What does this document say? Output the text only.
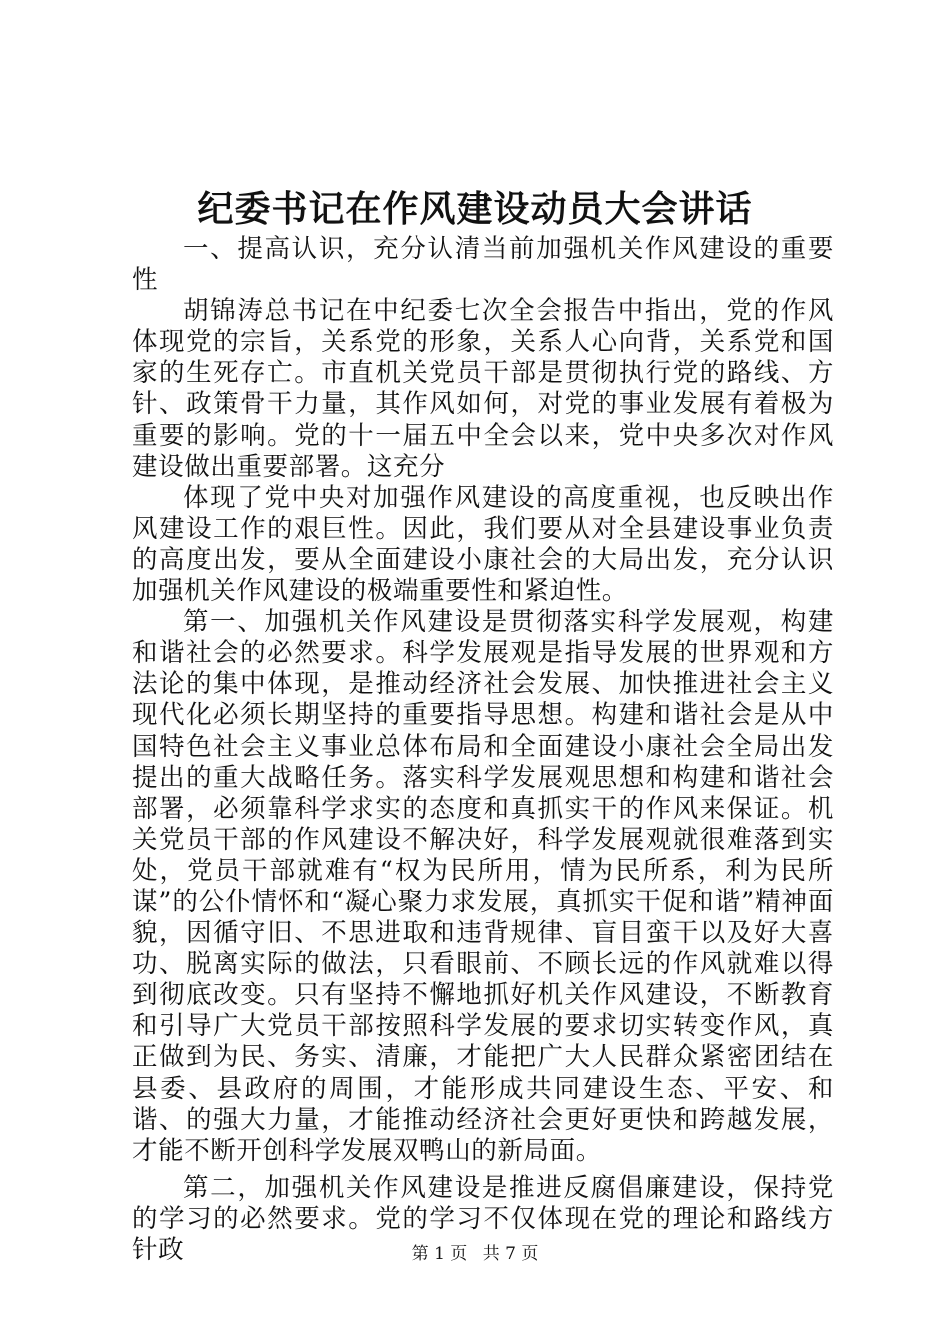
纪委书记在作风建设动员大会讲话

一、提高认识，充分认清当前加强机关作风建设的重要性

胡锦涛总书记在中纪委七次全会报告中指出，党的作风体现党的宗旨，关系党的形象，关系人心向背，关系党和国家的生死存亡。市直机关党员干部是贯彻执行党的路线、方针、政策骨干力量，其作风如何，对党的事业发展有着极为重要的影响。党的十一届五中全会以来，党中央多次对作风建设做出重要部署。这充分

体现了党中央对加强作风建设的高度重视，也反映出作风建设工作的艰巨性。因此，我们要从对全县建设事业负责的高度出发，要从全面建设小康社会的大局出发，充分认识加强机关作风建设的极端重要性和紧迫性。

第一、加强机关作风建设是贯彻落实科学发展观，构建和谐社会的必然要求。科学发展观是指导发展的世界观和方法论的集中体现，是推动经济社会发展、加快推进社会主义现代化必须长期坚持的重要指导思想。构建和谐社会是从中国特色社会主义事业总体布局和全面建设小康社会全局出发提出的重大战略任务。落实科学发展观思想和构建和谐社会部署，必须靠科学求实的态度和真抓实干的作风来保证。机关党员干部的作风建设不解决好，科学发展观就很难落到实处，党员干部就难有“权为民所用，情为民所系，利为民所谋”的公仆情怀和“凝心聚力求发展，真抓实干促和谐”精神面貌，因循守旧、不思进取和违背规律、盲目蛮干以及好大喜功、脱离实际的做法，只看眼前、不顾长远的作风就难以得到彻底改变。只有坚持不懈地抓好机关作风建设，不断教育和引导广大党员干部按照科学发展的要求切实转变作风，真正做到为民、务实、清廉，才能把广大人民群众紧密团结在县委、县政府的周围，才能形成共同建设生态、平安、和谐、的强大力量，才能推动经济社会更好更快和跨越发展，才能不断开创科学发展双鸭山的新局面。

第二，加强机关作风建设是推进反腐倡廉建设，保持党的学习的必然要求。党的学习不仅体现在党的理论和路线方针政	第 1 页 共 7 页
